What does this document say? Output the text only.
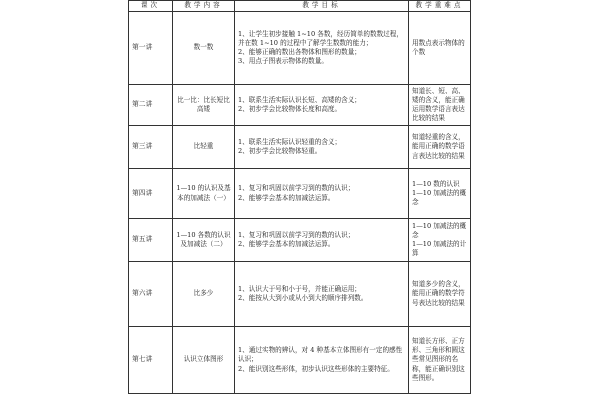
课次	教学内容	教学目标	教学重难点
第一讲	数一数	1、让学生初步接触 1~10 各数，经历简单的数数过程，并在数 1~10 的过程中了解学生数数的能力；
2、能够正确的数出各物体和图形的数量；
3、用点子图表示物体的数量。	用数点表示物体的个数

第二讲	比一比：比长短比高矮	1、联系生活实际认识长短、高矮的含义；
2、初步学会比较物体长度和高度。	知道长、短、高、矮的含义，能正确运用数学语言表达比较的结果

第三讲	比轻重	1、联系生活实际认识轻重的含义；
2、初步学会比较物体轻重。	知道轻重的含义，能用正确的数学语言表达比较的结果

第四讲	1—10 的认识及基本的加减法（一）	1、复习和巩固以前学习到的数的认识；
2、能够学会基本的加减法运算。	1—10 数的认识
1—10 加减法的概念

第五讲	1—10 各数的认识及加减法（二）	1、复习和巩固以前学习到的数的认识；
2、能够学会基本的加减法运算。	1—10 加减法的概念
1—10 加减法的计算

第六讲	比多少	1、认识大于号和小于号，并能正确运用；
2、能按从大到小或从小到大的顺序排列数。	知道多少的含义，能用正确的数学符号表达比较的结果

第七讲	认识立体图形	1、通过实物的辨认，对 4 种基本立体图形有一定的感性认识；
2、能识别这些形体，初步认识这些形体的主要特征。	知道长方形、正方形、三角形和圆这些常见图形的名称，能正确识别这些图形。
